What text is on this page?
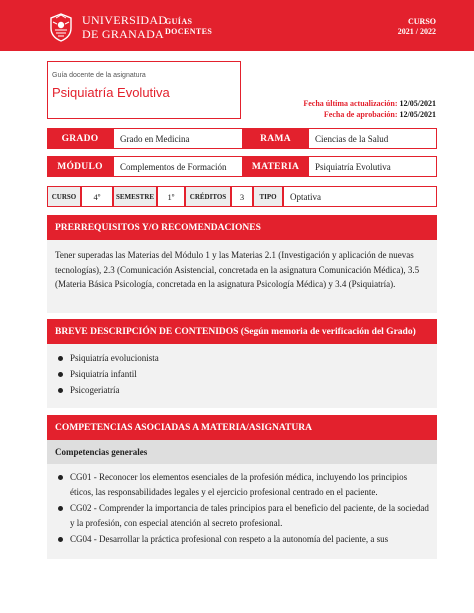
UNIVERSIDAD
DE GRANADA
GUÍAS
DOCENTES
CURSO
2021 / 2022
Guía docente de la asignatura
Psiquiatría Evolutiva
Fecha última actualización: 12/05/2021
Fecha de aprobación: 12/05/2021
GRADO	Grado en Medicina	RAMA	Ciencias de la Salud
MÓDULO	Complementos de Formación	MATERIA	Psiquiatría Evolutiva
CURSO	4º	SEMESTRE	1º	CRÉDITOS	3	TIPO	Optativa
PRERREQUISITOS Y/O RECOMENDACIONES

Tener superadas las Materias del Módulo 1 y las Materias 2.1 (Investigación y aplicación de nuevas tecnologías), 2.3 (Comunicación Asistencial, concretada en la asignatura Comunicación Médica), 3.5 (Materia Básica Psicología, concretada en la asignatura Psicología Médica) y 3.4 (Psiquiatría).

BREVE DESCRIPCIÓN DE CONTENIDOS (Según memoria de verificación del Grado)
Psiquiatría evolucionista
Psiquiatría infantil
Psicogeriatría
COMPETENCIAS ASOCIADAS A MATERIA/ASIGNATURA
Competencias generales
CG01 - Reconocer los elementos esenciales de la profesión médica, incluyendo los principios éticos, las responsabilidades legales y el ejercicio profesional centrado en el paciente.
CG02 - Comprender la importancia de tales principios para el beneficio del paciente, de la sociedad y la profesión, con especial atención al secreto profesional.
CG04 - Desarrollar la práctica profesional con respeto a la autonomía del paciente, a sus
